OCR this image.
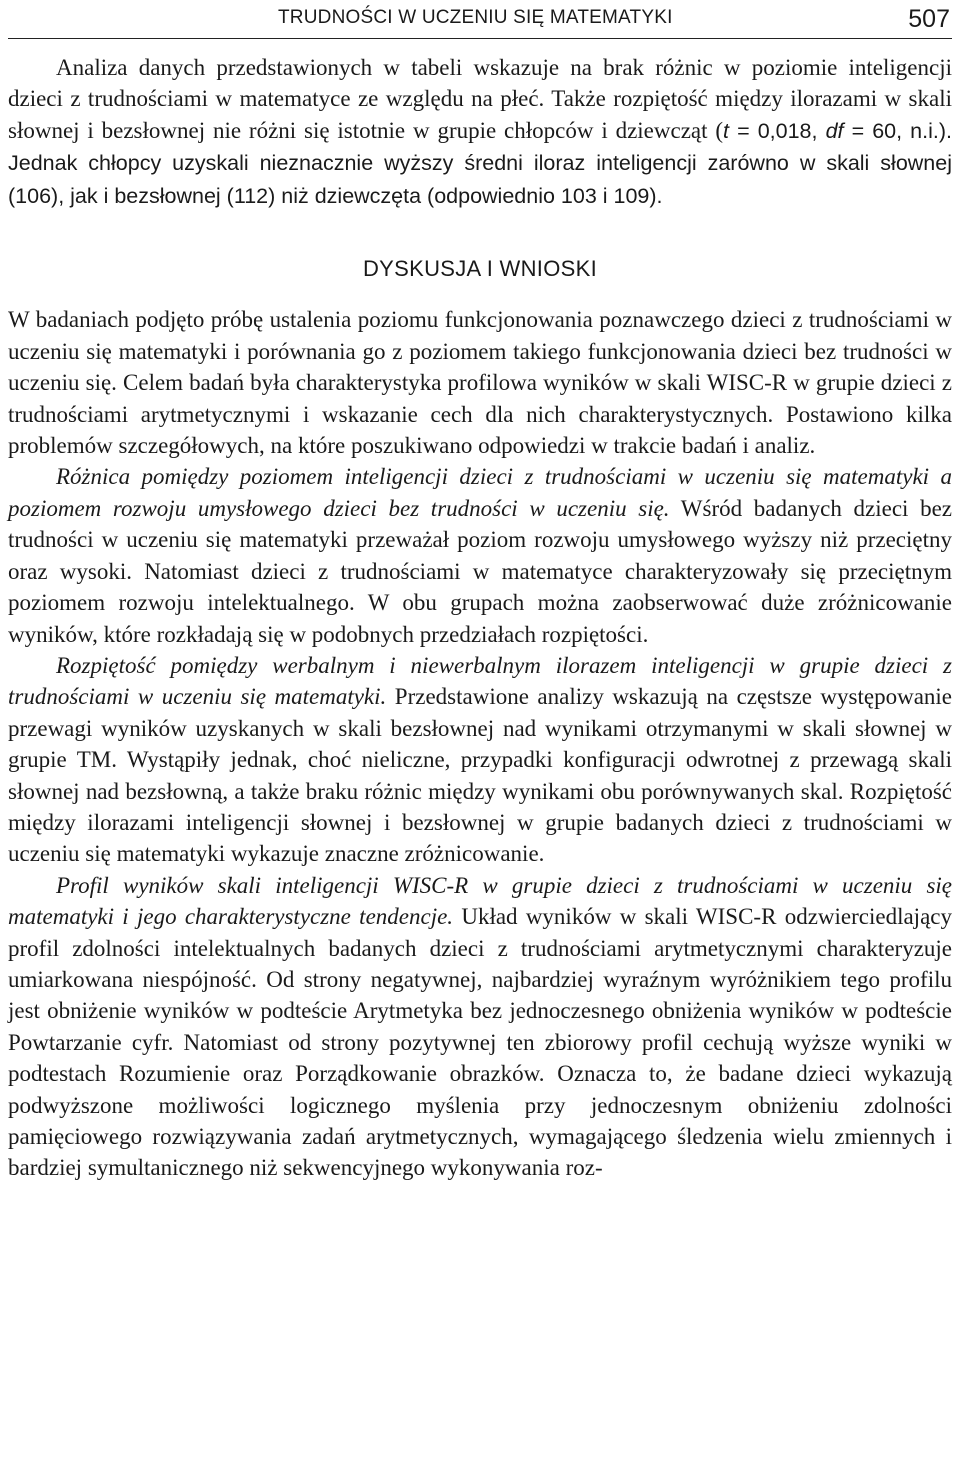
TRUDNOŚCI W UCZENIU SIĘ MATEMATYKI	507

Analiza danych przedstawionych w tabeli wskazuje na brak różnic w poziomie inteligencji dzieci z trudnościami w matematyce ze względu na płeć. Także rozpiętość między ilorazami w skali słownej i bezsłownej nie różni się istotnie w grupie chłopców i dziewcząt (t = 0,018, df = 60, n.i.). Jednak chłopcy uzyskali nieznacznie wyższy średni iloraz inteligencji zarówno w skali słownej (106), jak i bezsłownej (112) niż dziewczęta (odpowiednio 103 i 109).

DYSKUSJA I WNIOSKI

W badaniach podjęto próbę ustalenia poziomu funkcjonowania poznawczego dzieci z trudnościami w uczeniu się matematyki i porównania go z poziomem takiego funkcjonowania dzieci bez trudności w uczeniu się. Celem badań była charakterystyka profilowa wyników w skali WISC-R w grupie dzieci z trudnościami arytmetycznymi i wskazanie cech dla nich charakterystycznych. Postawiono kilka problemów szczegółowych, na które poszukiwano odpowiedzi w trakcie badań i analiz.

Różnica pomiędzy poziomem inteligencji dzieci z trudnościami w uczeniu się matematyki a poziomem rozwoju umysłowego dzieci bez trudności w uczeniu się. Wśród badanych dzieci bez trudności w uczeniu się matematyki przeważał poziom rozwoju umysłowego wyższy niż przeciętny oraz wysoki. Natomiast dzieci z trudnościami w matematyce charakteryzowały się przeciętnym poziomem rozwoju intelektualnego. W obu grupach można zaobserwować duże zróżnicowanie wyników, które rozkładają się w podobnych przedziałach rozpiętości.

Rozpiętość pomiędzy werbalnym i niewerbalnym ilorazem inteligencji w grupie dzieci z trudnościami w uczeniu się matematyki. Przedstawione analizy wskazują na częstsze występowanie przewagi wyników uzyskanych w skali bezsłownej nad wynikami otrzymanymi w skali słownej w grupie TM. Wystąpiły jednak, choć nieliczne, przypadki konfiguracji odwrotnej z przewagą skali słownej nad bezsłowną, a także braku różnic między wynikami obu porównywanych skal. Rozpiętość między ilorazami inteligencji słownej i bezsłownej w grupie badanych dzieci z trudnościami w uczeniu się matematyki wykazuje znaczne zróżnicowanie.

Profil wyników skali inteligencji WISC-R w grupie dzieci z trudnościami w uczeniu się matematyki i jego charakterystyczne tendencje. Układ wyników w skali WISC-R odzwierciedlający profil zdolności intelektualnych badanych dzieci z trudnościami arytmetycznymi charakteryzuje umiarkowana niespójność. Od strony negatywnej, najbardziej wyraźnym wyróżnikiem tego profilu jest obniżenie wyników w podteście Arytmetyka bez jednoczesnego obniżenia wyników w podteście Powtarzanie cyfr. Natomiast od strony pozytywnej ten zbiorowy profil cechują wyższe wyniki w podtestach Rozumienie oraz Porządkowanie obrazków. Oznacza to, że badane dzieci wykazują podwyższone możliwości logicznego myślenia przy jednoczesnym obniżeniu zdolności pamięciowego rozwiązywania zadań arytmetycznych, wymagającego śledzenia wielu zmiennych i bardziej symultanicznego niż sekwencyjnego wykonywania roz-
